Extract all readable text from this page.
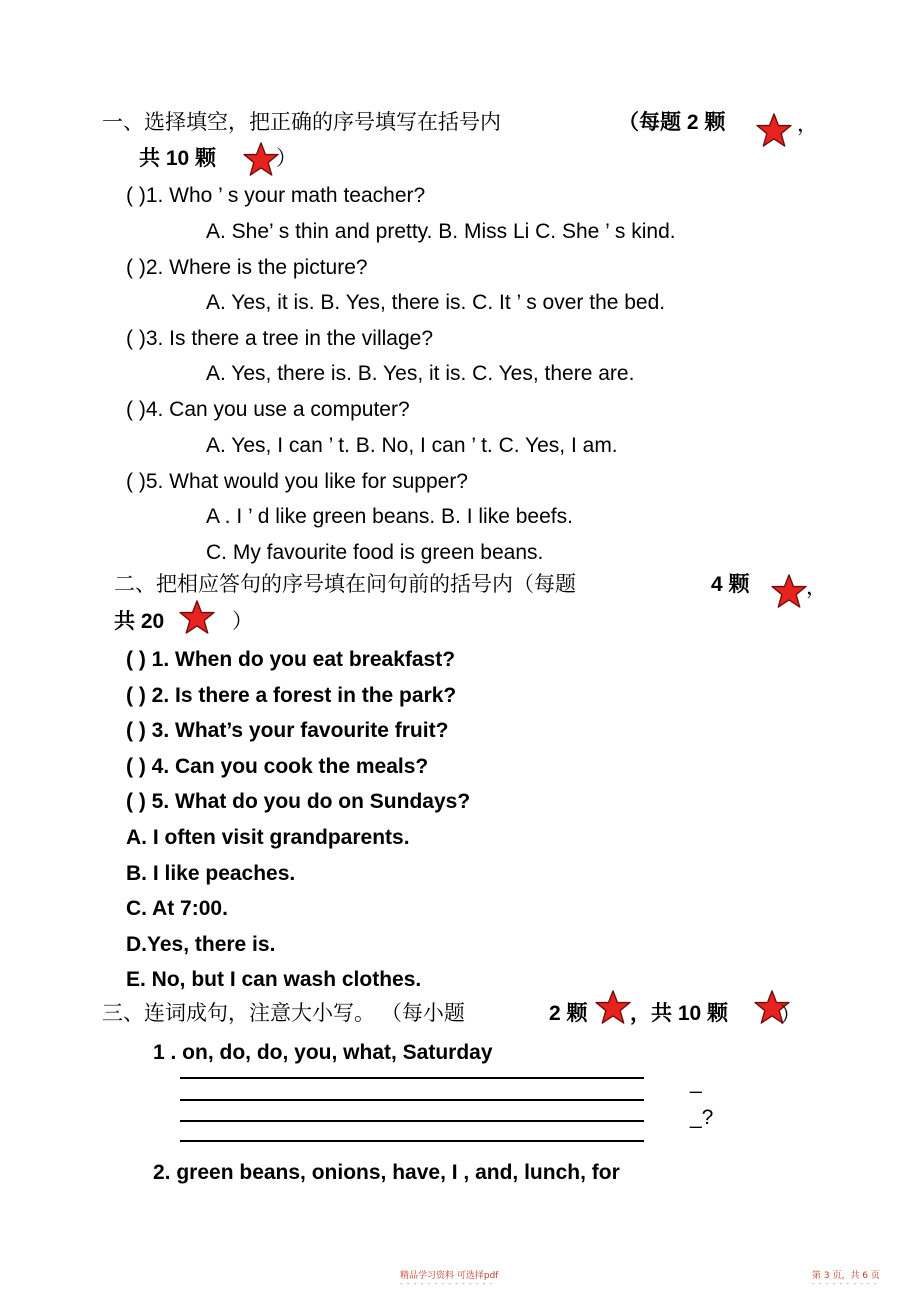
一、选择填空，把正确的序号填写在括号内	（每题 2 颗	，
共 10 颗	）
( )1. Who ’ s your math teacher?
A. She’ s thin and pretty. B. Miss Li C. She ’ s kind.
( )2. Where is the picture?
A. Yes, it is. B. Yes, there is. C. It ’ s over the bed.
( )3. Is there a tree in the village?
A. Yes, there is. B. Yes, it is. C. Yes, there are.
( )4. Can you use a computer?
A. Yes, I can ’ t. B. No, I can ’ t. C. Yes, I am.
( )5. What would you like for supper?
A . I ’ d like green beans. B. I like beefs.
C. My favourite food is green beans.
二、把相应答句的序号填在问句前的括号内（每题	4 颗	，
共 20	）
( ) 1. When do you eat breakfast?
( ) 2. Is there a forest in the park?
( ) 3. What’s your favourite fruit?
( ) 4. Can you cook the meals?
( ) 5. What do you do on Sundays?
A. I often visit grandparents.
B. I like peaches.
C. At 7:00.
D.Yes, there is.
E. No, but I can wash clothes.
三、连词成句，注意大小写。 （每小题	2 颗 ，共 10 颗 ）
1 . on, do, do, you, what, Saturday
_
_?
2. green beans, onions, have, I , and, lunch, for
精品学习资料 可选择pdf
- - - - - - - - - - - - - -
第 3 页，共 6 页
- - - - - - - - - -
